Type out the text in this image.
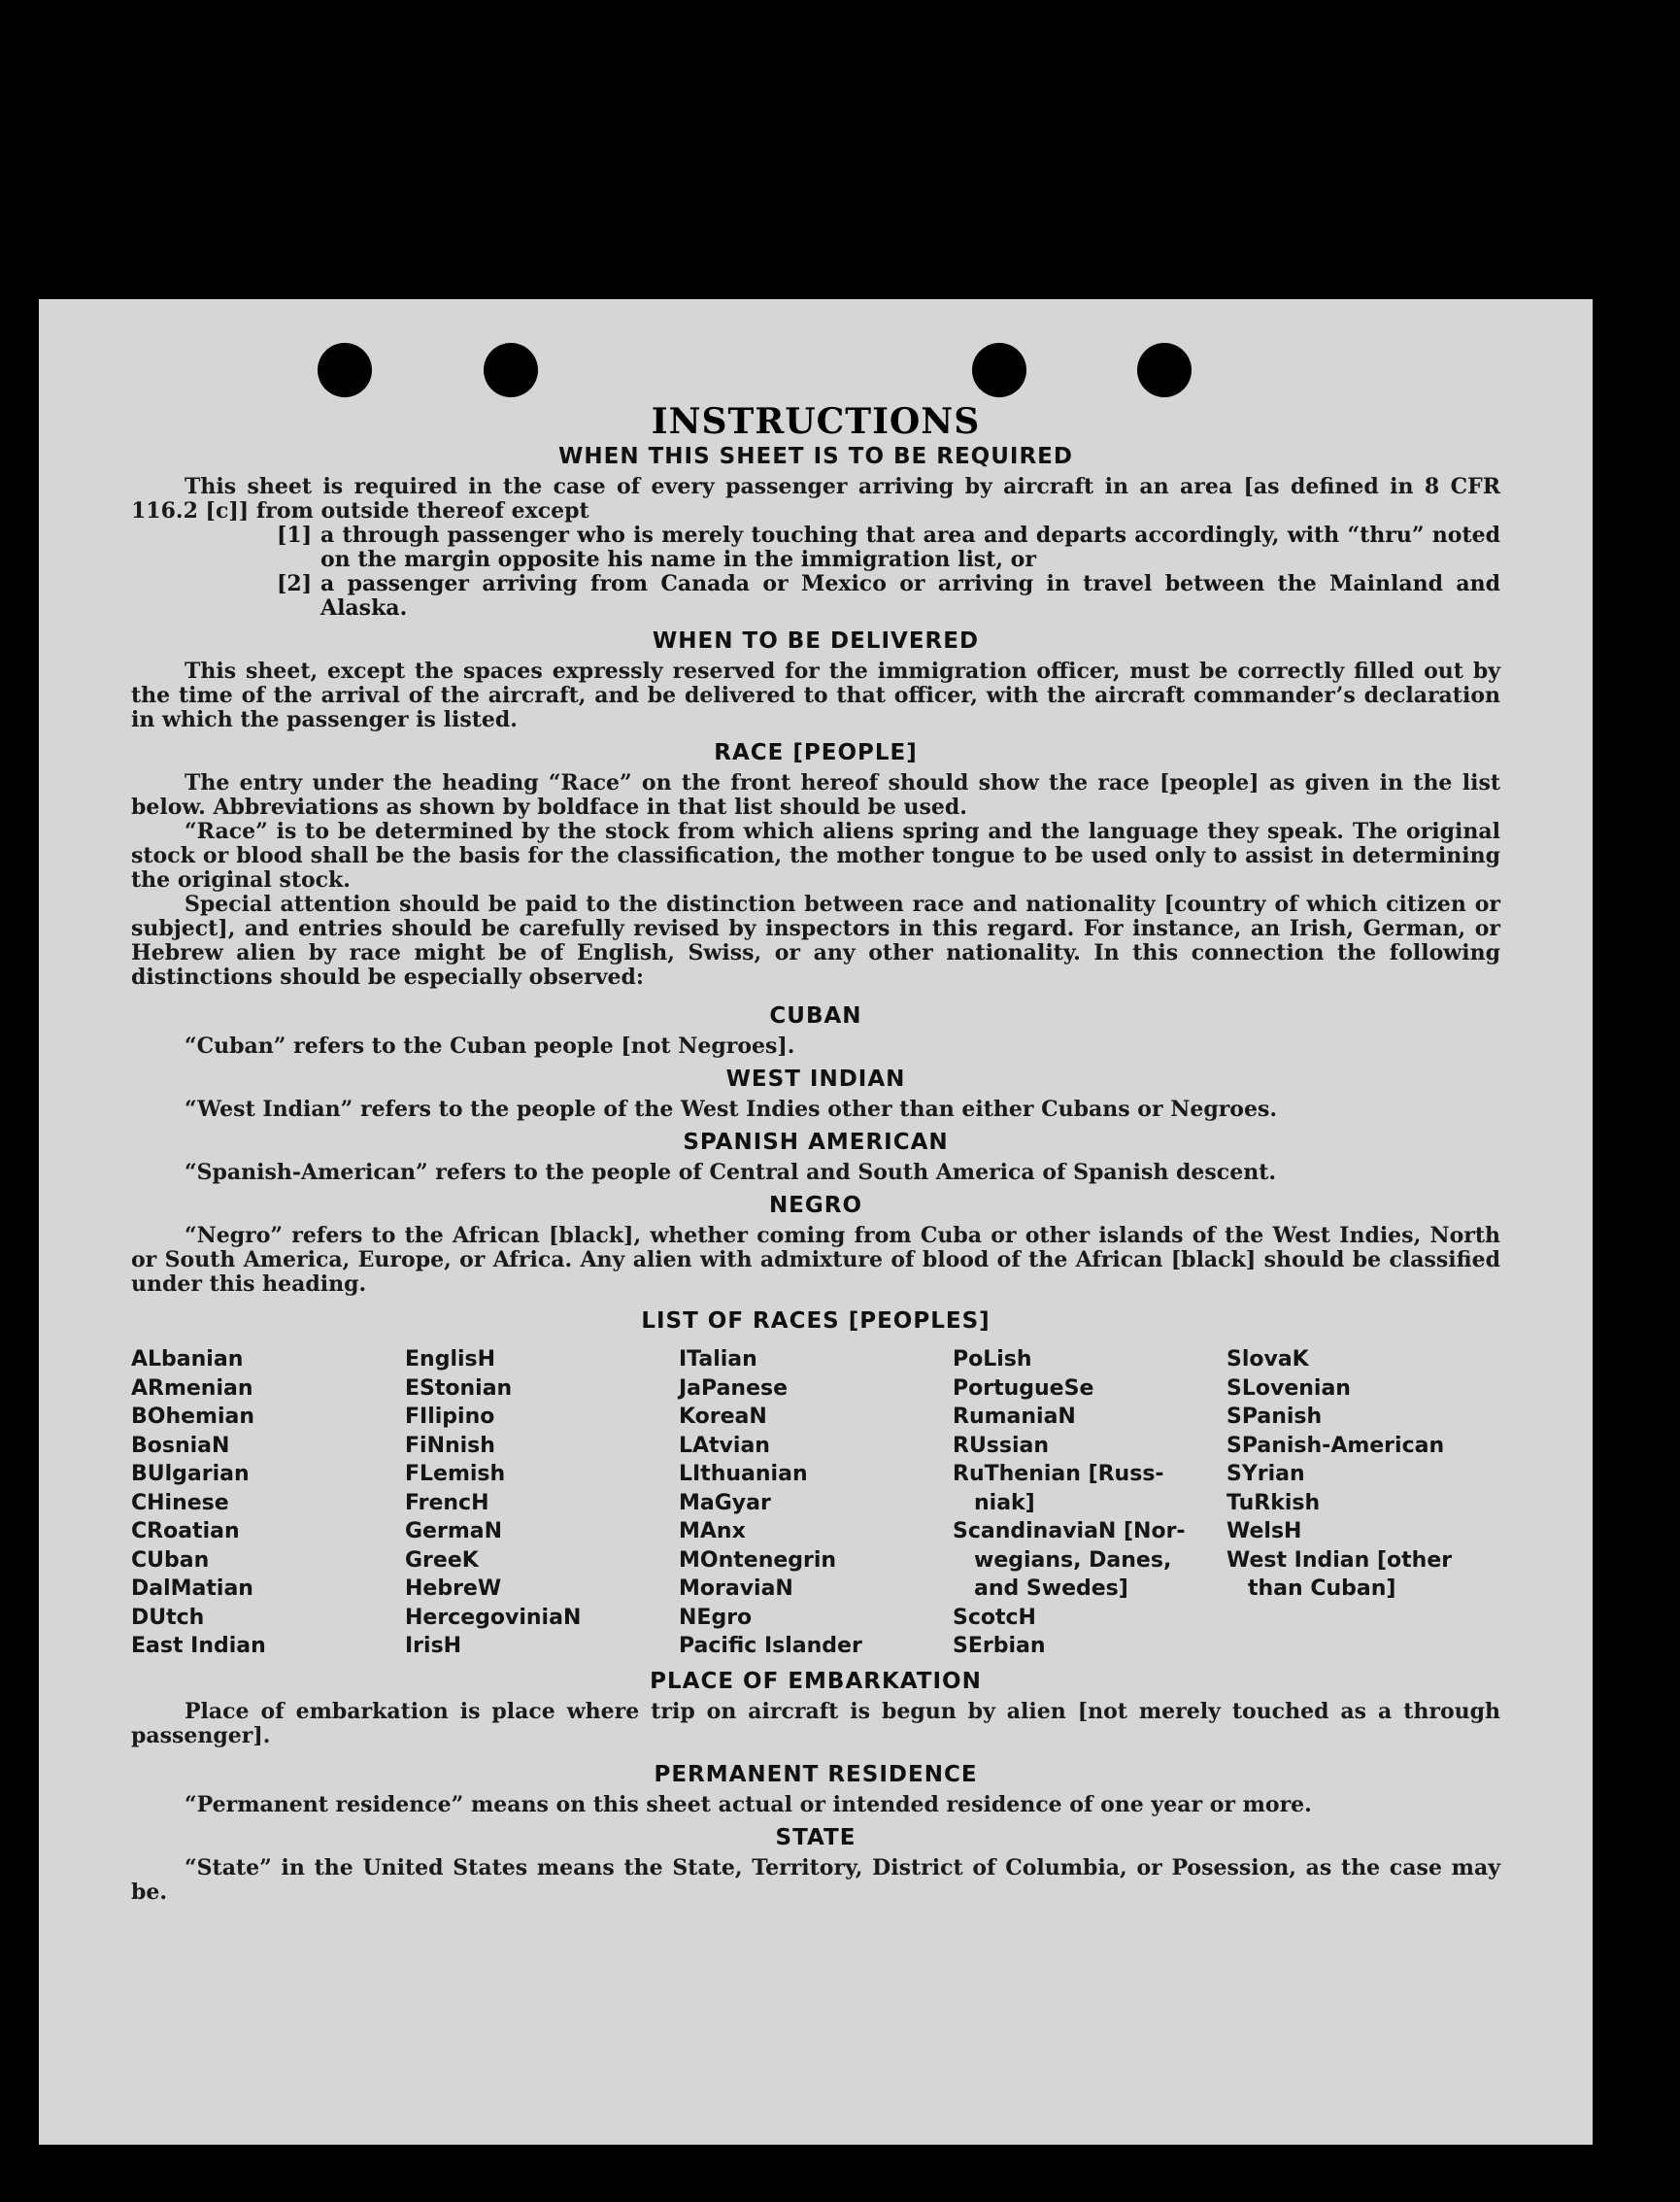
INSTRUCTIONS
WHEN THIS SHEET IS TO BE REQUIRED

This sheet is required in the case of every passenger arriving by aircraft in an area [as defined in 8 CFR 116.2 [c]] from outside thereof except

[1] a through passenger who is merely touching that area and departs accordingly, with “thru” noted on the margin opposite his name in the immigration list, or
[2] a passenger arriving from Canada or Mexico or arriving in travel between the Mainland and Alaska.
WHEN TO BE DELIVERED

This sheet, except the spaces expressly reserved for the immigration officer, must be correctly filled out by the time of the arrival of the aircraft, and be delivered to that officer, with the aircraft commander’s declaration in which the passenger is listed.

RACE [PEOPLE]

The entry under the heading “Race” on the front hereof should show the race [people] as given in the list below. Abbreviations as shown by boldface in that list should be used.

“Race” is to be determined by the stock from which aliens spring and the language they speak. The original stock or blood shall be the basis for the classification, the mother tongue to be used only to assist in determining the original stock.

Special attention should be paid to the distinction between race and nationality [country of which citizen or subject], and entries should be carefully revised by inspectors in this regard. For instance, an Irish, German, or Hebrew alien by race might be of English, Swiss, or any other nationality. In this connection the following distinctions should be especially observed:

CUBAN

“Cuban” refers to the Cuban people [not Negroes].

WEST INDIAN

“West Indian” refers to the people of the West Indies other than either Cubans or Negroes.

SPANISH AMERICAN

“Spanish-American” refers to the people of Central and South America of Spanish descent.

NEGRO

“Negro” refers to the African [black], whether coming from Cuba or other islands of the West Indies, North or South America, Europe, or Africa. Any alien with admixture of blood of the African [black] should be classified under this heading.

LIST OF RACES [PEOPLES]
ALbanian
ARmenian
BOhemian
BosniaN
BUlgarian
CHinese
CRoatian
CUban
DalMatian
DUtch
East Indian
EnglisH
EStonian
FIlipino
FiNnish
FLemish
FrencH
GermaN
GreeK
HebreW
HercegoviniaN
IrisH
ITalian
JaPanese
KoreaN
LAtvian
LIthuanian
MaGyar
MAnx
MOntenegrin
MoraviaN
NEgro
Pacific Islander
PoLish
PortugueSe
RumaniaN
RUssian
RuThenian [Russ-
niak]
ScandinaviaN [Nor-
wegians, Danes,
and Swedes]
ScotcH
SErbian
SlovaK
SLovenian
SPanish
SPanish-American
SYrian
TuRkish
WelsH
West Indian [other
than Cuban]
PLACE OF EMBARKATION

Place of embarkation is place where trip on aircraft is begun by alien [not merely touched as a through passenger].

PERMANENT RESIDENCE

“Permanent residence” means on this sheet actual or intended residence of one year or more.

STATE

“State” in the United States means the State, Territory, District of Columbia, or Posession, as the case may be.
